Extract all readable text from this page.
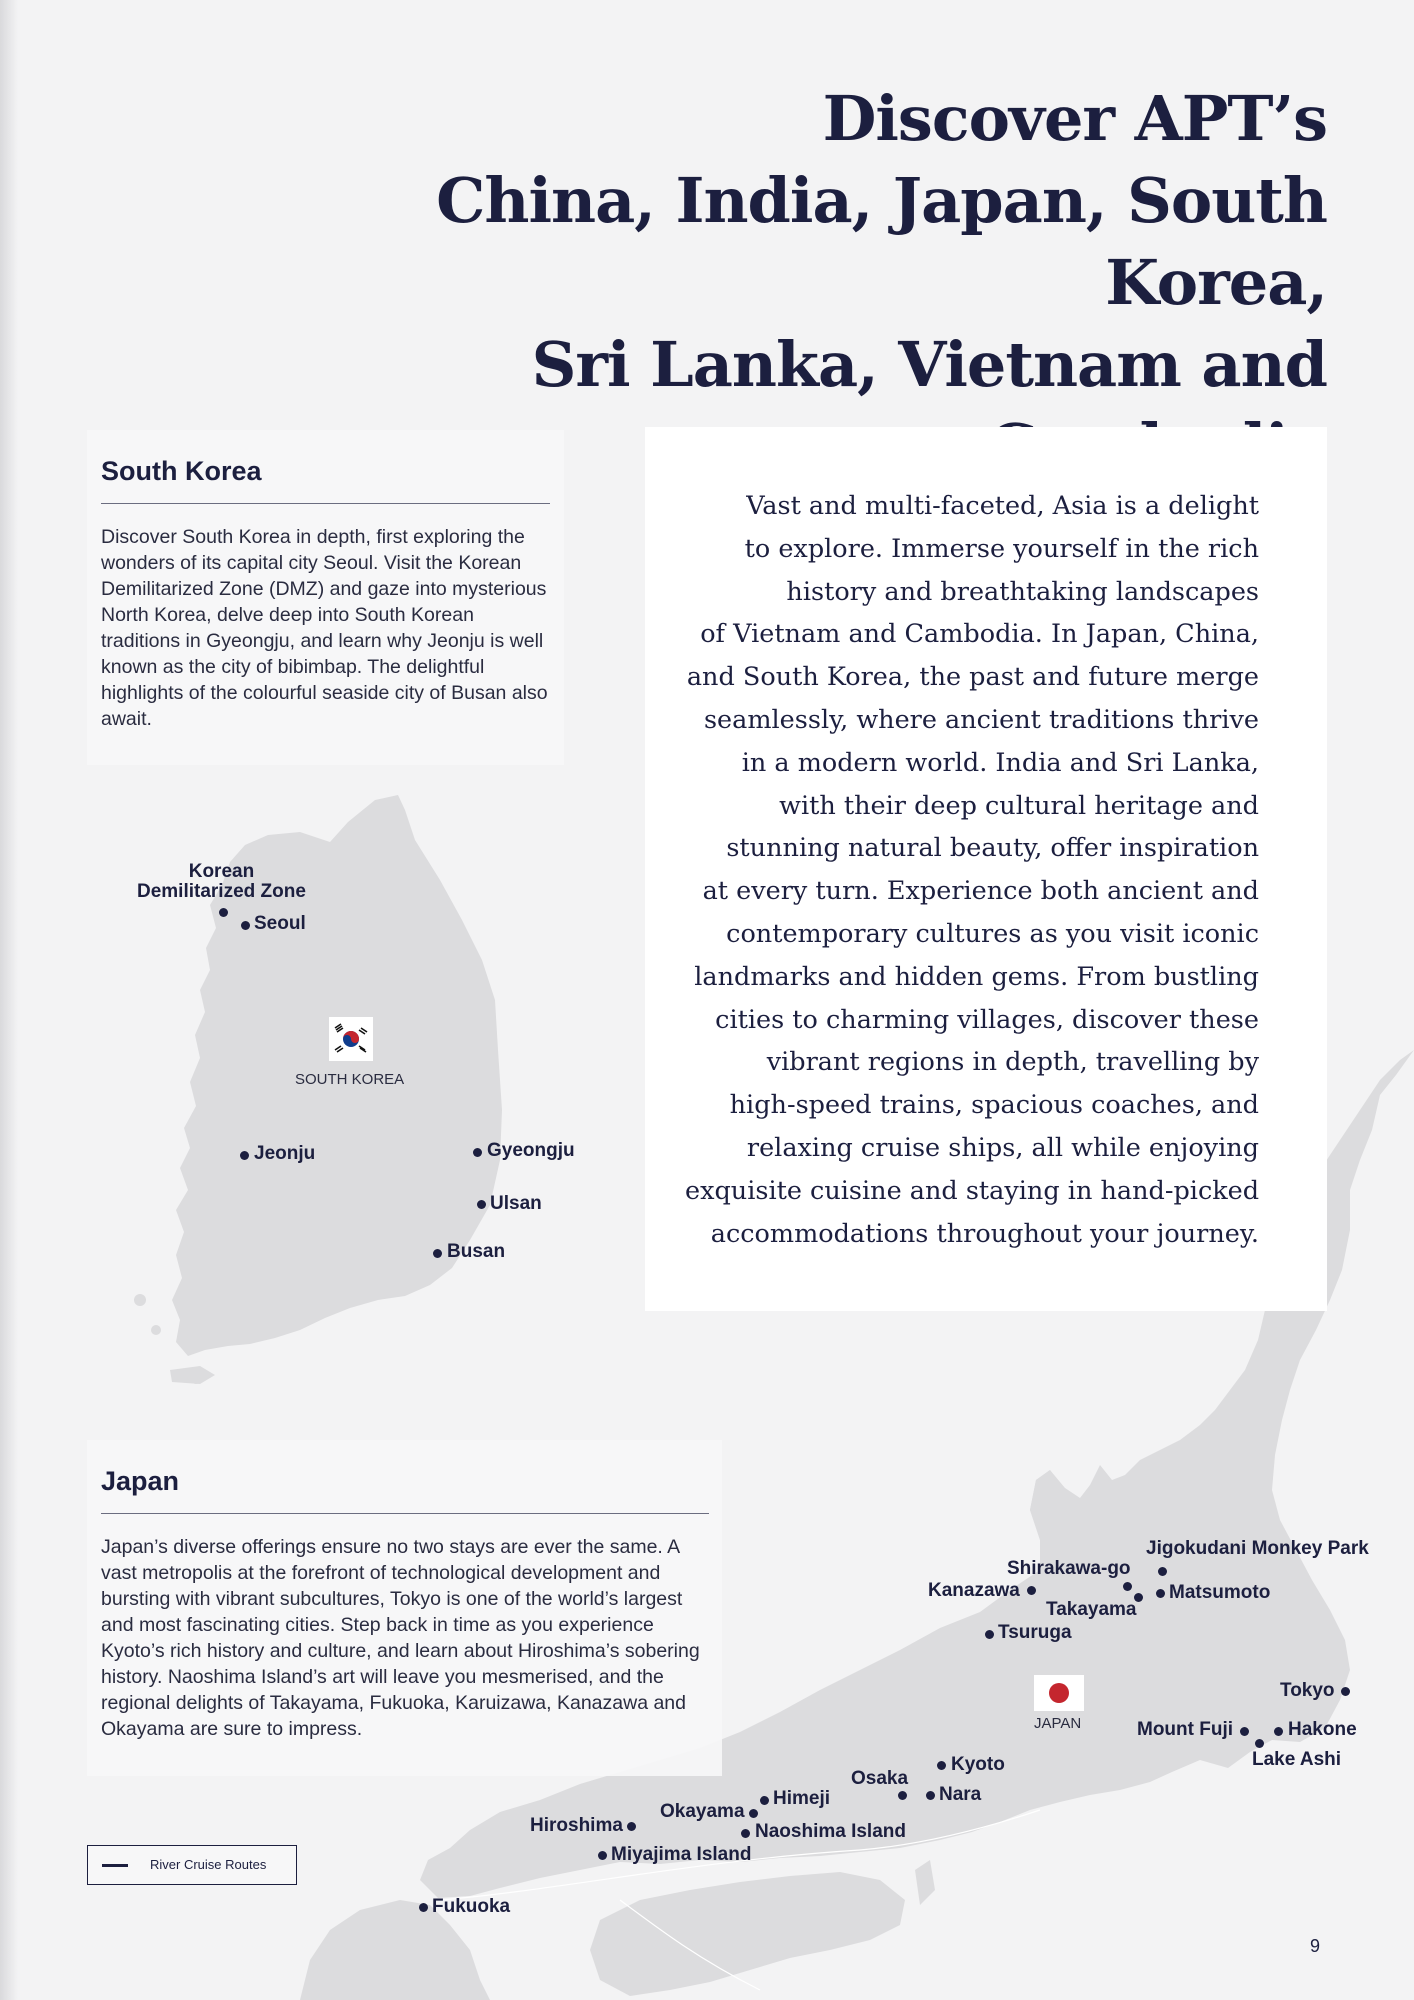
Discover APT’s
China, India, Japan, South Korea,
Sri Lanka, Vietnam and
South Korea

Discover South Korea in depth, first exploring the wonders of its capital city Seoul. Visit the Korean Demilitarized Zone (DMZ) and gaze into mysterious North Korea, delve deep into South Korean traditions in Gyeongju, and learn why Jeonju is well known as the city of bibimbap. The delightful highlights of the colourful seaside city of Busan also await.

Vast and multi-faceted, Asia is a delight
to explore. Immerse yourself in the rich
history and breathtaking landscapes
of Vietnam and Cambodia. In Japan, China,
and South Korea, the past and future merge
seamlessly, where ancient traditions thrive
in a modern world. India and Sri Lanka,
with their deep cultural heritage and
stunning natural beauty, offer inspiration
at every turn. Experience both ancient and
contemporary cultures as you visit iconic
landmarks and hidden gems. From bustling
cities to charming villages, discover these
vibrant regions in depth, travelling by
high-speed trains, spacious coaches, and
relaxing cruise ships, all while enjoying
exquisite cuisine and staying in hand-picked
accommodations throughout your journey.

Korean
Demilitarized Zone
Seoul
SOUTH KOREA
Jeonju	Gyeongju
Ulsan
Busan
Japan

Japan’s diverse offerings ensure no two stays are ever the same. A vast metropolis at the forefront of technological development and bursting with vibrant subcultures, Tokyo is one of the world’s largest and most fascinating cities. Step back in time as you experience Kyoto’s rich history and culture, and learn about Hiroshima’s sobering history. Naoshima Island’s art will leave you mesmerised, and the regional delights of Takayama, Fukuoka, Karuizawa, Kanazawa and Okayama are sure to impress.

Jigokudani Monkey Park
Shirakawa-go
Kanazawa	Matsumoto
Takayama
Tsuruga
JAPAN
Tokyo
Mount Fuji	Hakone
Lake Ashi
Kyoto
Osaka
Nara
Himeji
Okayama
Naoshima Island
Hiroshima
Miyajima Island
Fukuoka
River Cruise Routes
9
